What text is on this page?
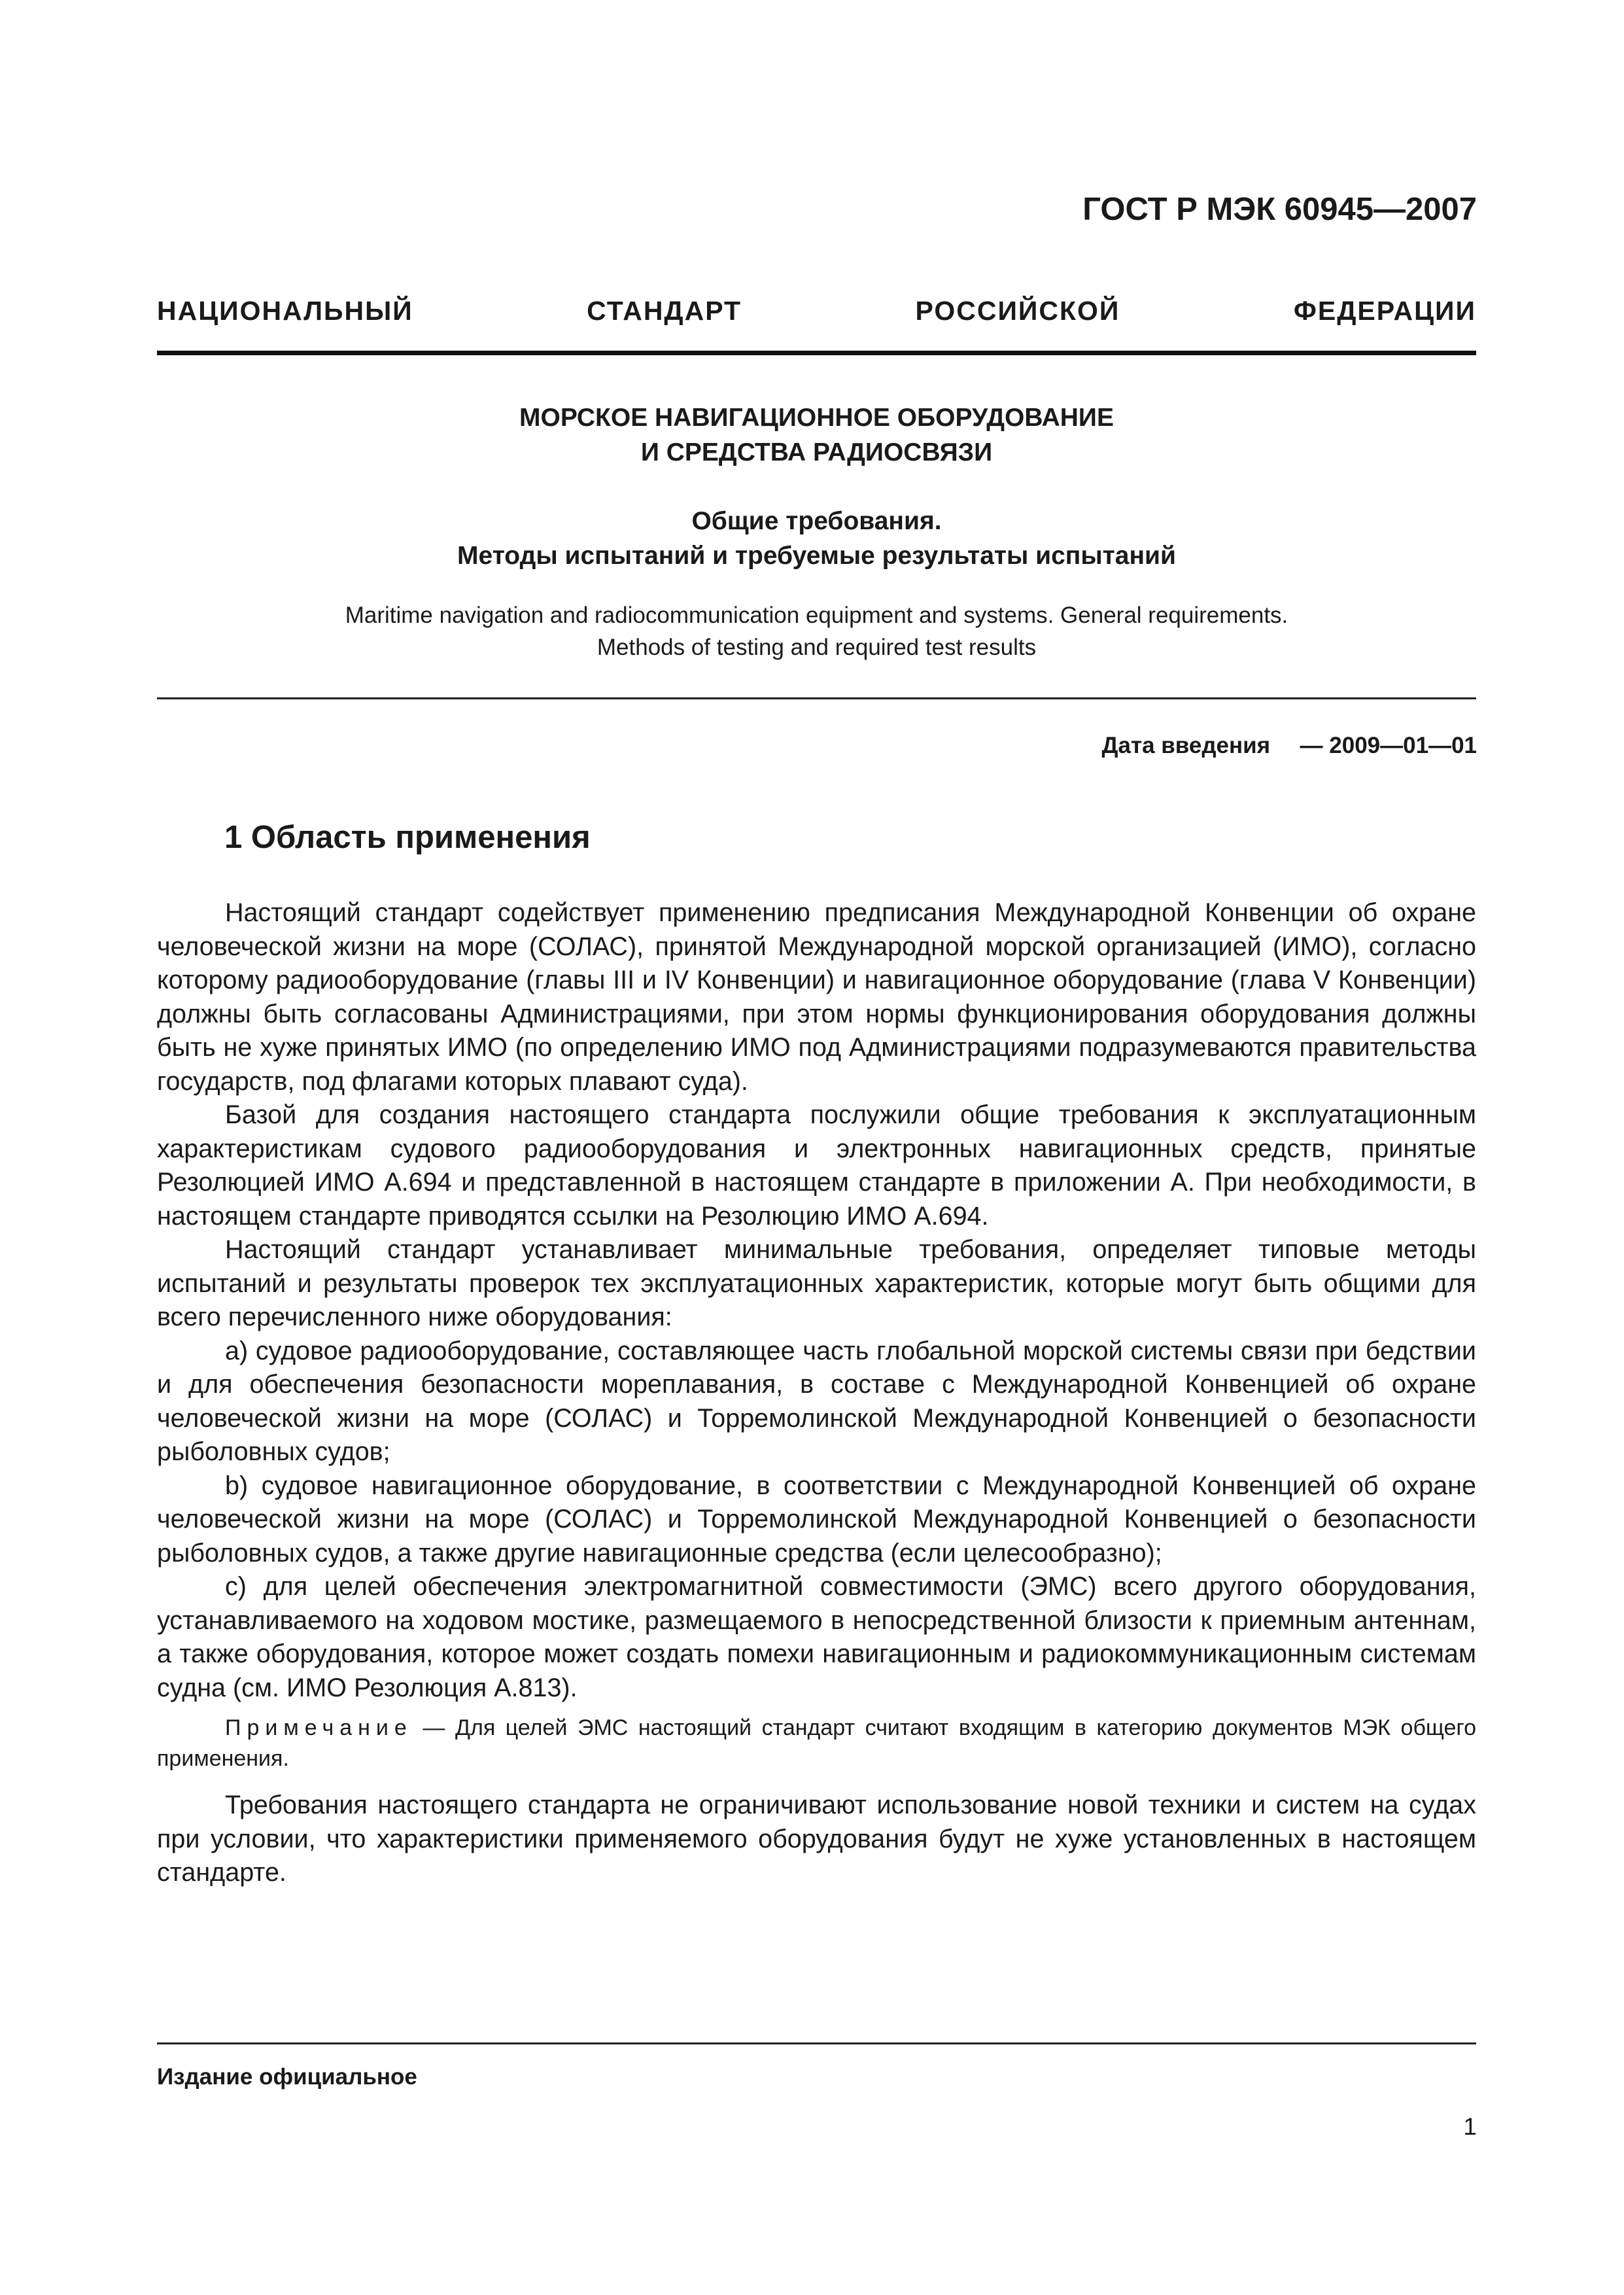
ГОСТ Р МЭК 60945—2007
НАЦИОНАЛЬНЫЙ СТАНДАРТ РОССИЙСКОЙ ФЕДЕРАЦИИ
МОРСКОЕ НАВИГАЦИОННОЕ ОБОРУДОВАНИЕ
И СРЕДСТВА РАДИОСВЯЗИ
Общие требования.
Методы испытаний и требуемые результаты испытаний
Maritime navigation and radiocommunication equipment and systems. General requirements.
Methods of testing and required test results
Дата введения — 2009—01—01
1 Область применения

Настоящий стандарт содействует применению предписания Международной Конвенции об охране человеческой жизни на море (СОЛАС), принятой Международной морской организацией (ИМО), согласно которому радиооборудование (главы III и IV Конвенции) и навигационное оборудование (глава V Конвенции) должны быть согласованы Администрациями, при этом нормы функционирования оборудования должны быть не хуже принятых ИМО (по определению ИМО под Администрациями подразумеваются правительства государств, под флагами которых плавают суда).

Базой для создания настоящего стандарта послужили общие требования к эксплуатационным характеристикам судового радиооборудования и электронных навигационных средств, принятые Резолюцией ИМО А.694 и представленной в настоящем стандарте в приложении А. При необходимости, в настоящем стандарте приводятся ссылки на Резолюцию ИМО А.694.

Настоящий стандарт устанавливает минимальные требования, определяет типовые методы испытаний и результаты проверок тех эксплуатационных характеристик, которые могут быть общими для всего перечисленного ниже оборудования:

а) судовое радиооборудование, составляющее часть глобальной морской системы связи при бедствии и для обеспечения безопасности мореплавания, в составе с Международной Конвенцией об охране человеческой жизни на море (СОЛАС) и Торремолинской Международной Конвенцией о безопасности рыболовных судов;

b) судовое навигационное оборудование, в соответствии с Международной Конвенцией об охране человеческой жизни на море (СОЛАС) и Торремолинской Международной Конвенцией о безопасности рыболовных судов, а также другие навигационные средства (если целесообразно);

с) для целей обеспечения электромагнитной совместимости (ЭМС) всего другого оборудования, устанавливаемого на ходовом мостике, размещаемого в непосредственной близости к приемным антеннам, а также оборудования, которое может создать помехи навигационным и радиокоммуникационным системам судна (см. ИМО Резолюция А.813).

Примечание — Для целей ЭМС настоящий стандарт считают входящим в категорию документов МЭК общего применения.

Требования настоящего стандарта не ограничивают использование новой техники и систем на судах при условии, что характеристики применяемого оборудования будут не хуже установленных в настоящем стандарте.

Издание официальное
1
